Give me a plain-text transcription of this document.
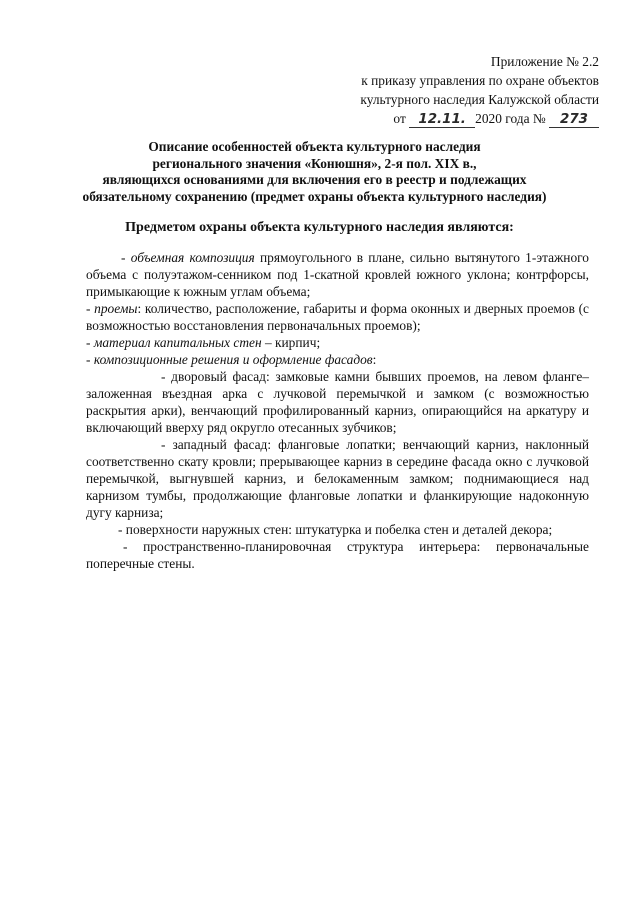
Приложение № 2.2
к приказу управления по охране объектов
культурного наследия Калужской области
от 12.11. 2020 года № 273
Описание особенностей объекта культурного наследия
регионального значения «Конюшня», 2-я пол. XIX в.,
являющихся основаниями для включения его в реестр и подлежащих
обязательному сохранению (предмет охраны объекта культурного наследия)
Предметом охраны объекта культурного наследия являются:

- объемная композиция прямоугольного в плане, сильно вытянутого 1-этажного объема с полуэтажом-сенником под 1-скатной кровлей южного уклона; контрфорсы, примыкающие к южным углам объема;

- проемы: количество, расположение, габариты и форма оконных и дверных проемов (с возможностью восстановления первоначальных проемов);

- материал капитальных стен – кирпич;

- композиционные решения и оформление фасадов:

- дворовый фасад: замковые камни бывших проемов, на левом фланге– заложенная въездная арка с лучковой перемычкой и замком (с возможностью раскрытия арки), венчающий профилированный карниз, опирающийся на аркатуру и включающий вверху ряд округло отесанных зубчиков;

- западный фасад: фланговые лопатки; венчающий карниз, наклонный соответственно скату кровли; прерывающее карниз в середине фасада окно с лучковой перемычкой, выгнувшей карниз, и белокаменным замком; поднимающиеся над карнизом тумбы, продолжающие фланговые лопатки и фланкирующие надоконную дугу карниза;

- поверхности наружных стен: штукатурка и побелка стен и деталей декора;

- пространственно-планировочная структура интерьера: первоначальные поперечные стены.
